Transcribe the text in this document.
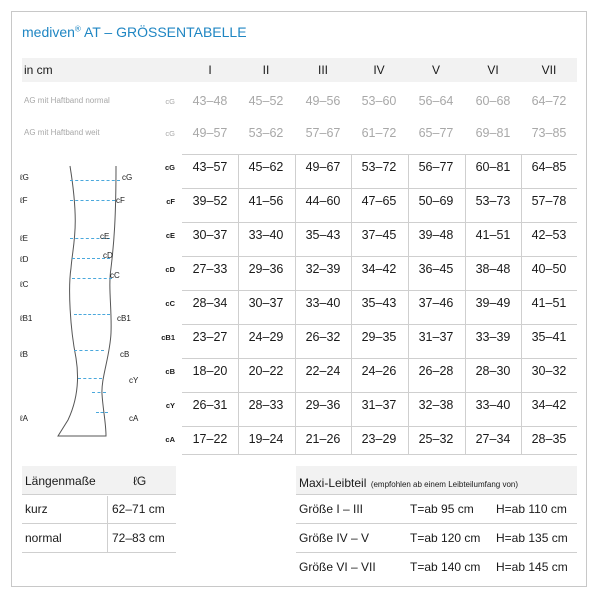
mediven® AT – GRÖSSENTABELLE
in cm	I	II	III	IV	V	VI	VII
AG mit Haftband normal	cG	43–48	45–52	49–56	53–60	56–64	60–68	64–72
AG mit Haftband weit	cG	49–57	53–62	57–67	61–72	65–77	69–81	73–85
cG	43–57	45–62	49–67	53–72	56–77	60–81	64–85
cF	39–52	41–56	44–60	47–65	50–69	53–73	57–78
cE	30–37	33–40	35–43	37–45	39–48	41–51	42–53
cD	27–33	29–36	32–39	34–42	36–45	38–48	40–50
cC	28–34	30–37	33–40	35–43	37–46	39–49	41–51
cB1	23–27	24–29	26–32	29–35	31–37	33–39	35–41
cB	18–20	20–22	22–24	24–26	26–28	28–30	30–32
cY	26–31	28–33	29–36	31–37	32–38	33–40	34–42
cA	17–22	19–24	21–26	23–29	25–32	27–34	28–35
ℓG
ℓF
ℓE
ℓD
ℓC
ℓB1
ℓB
ℓA
cG
cF
cE
cD
cC
cB1
cB
cY
cA
Längenmaße	ℓG
kurz	62–71 cm
normal	72–83 cm
Maxi-Leibteil (empfohlen ab einem Leibteilumfang von)
Größe I – III	T=ab 95 cm H=ab 110 cm
Größe IV – V	T=ab 120 cm H=ab 135 cm
Größe VI – VII	T=ab 140 cm H=ab 145 cm
